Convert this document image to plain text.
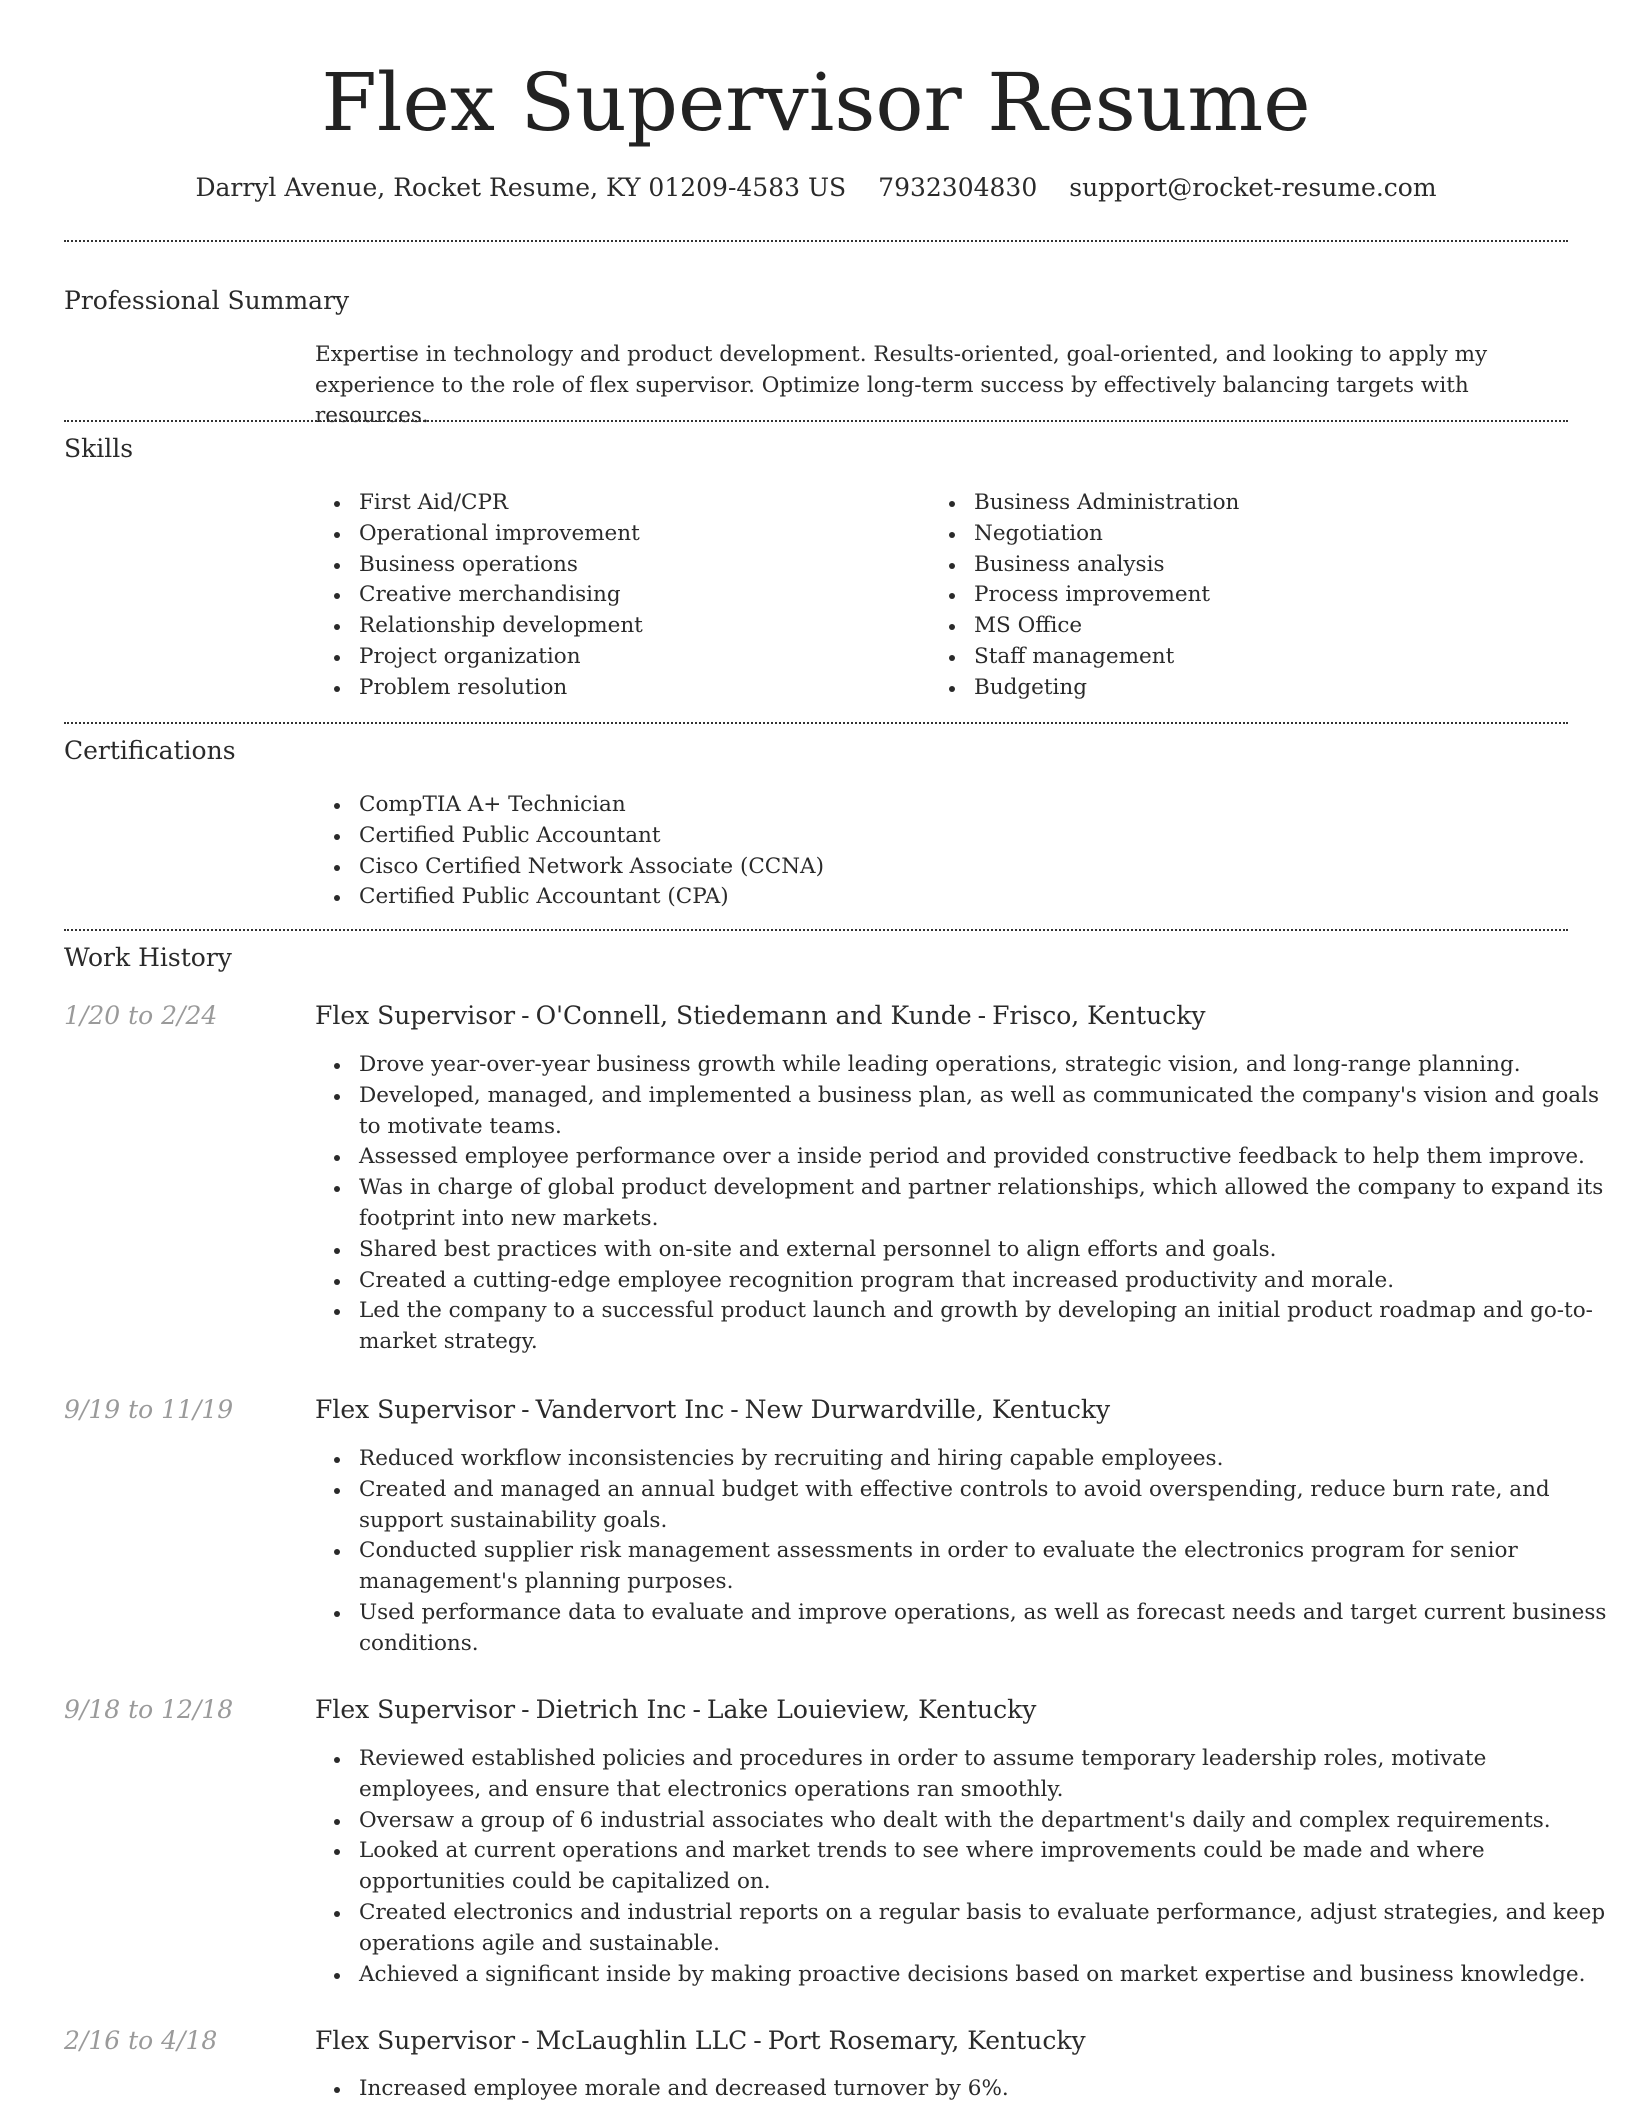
Flex Supervisor Resume
Darryl Avenue, Rocket Resume, KY 01209-4583 US 7932304830 support@rocket-resume.com
Professional Summary

Expertise in technology and product development. Results-oriented, goal-oriented, and looking to apply my experience to the role of flex supervisor. Optimize long-term success by effectively balancing targets with resources.

Skills
First Aid/CPR
Operational improvement
Business operations
Creative merchandising
Relationship development
Project organization
Problem resolution
Business Administration
Negotiation
Business analysis
Process improvement
MS Office
Staff management
Budgeting
Certifications
CompTIA A+ Technician
Certified Public Accountant
Cisco Certified Network Associate (CCNA)
Certified Public Accountant (CPA)
Work History
1/20 to 2/24	Flex Supervisor - O'Connell, Stiedemann and Kunde - Frisco, Kentucky
Drove year-over-year business growth while leading operations, strategic vision, and long-range planning.
Developed, managed, and implemented a business plan, as well as communicated the company's vision and goals to motivate teams.
Assessed employee performance over a inside period and provided constructive feedback to help them improve.
Was in charge of global product development and partner relationships, which allowed the company to expand its footprint into new markets.
Shared best practices with on-site and external personnel to align efforts and goals.
Created a cutting-edge employee recognition program that increased productivity and morale.
Led the company to a successful product launch and growth by developing an initial product roadmap and go-to-market strategy.
9/19 to 11/19	Flex Supervisor - Vandervort Inc - New Durwardville, Kentucky
Reduced workflow inconsistencies by recruiting and hiring capable employees.
Created and managed an annual budget with effective controls to avoid overspending, reduce burn rate, and support sustainability goals.
Conducted supplier risk management assessments in order to evaluate the electronics program for senior management's planning purposes.
Used performance data to evaluate and improve operations, as well as forecast needs and target current business conditions.
9/18 to 12/18	Flex Supervisor - Dietrich Inc - Lake Louieview, Kentucky
Reviewed established policies and procedures in order to assume temporary leadership roles, motivate employees, and ensure that electronics operations ran smoothly.
Oversaw a group of 6 industrial associates who dealt with the department's daily and complex requirements.
Looked at current operations and market trends to see where improvements could be made and where opportunities could be capitalized on.
Created electronics and industrial reports on a regular basis to evaluate performance, adjust strategies, and keep operations agile and sustainable.
Achieved a significant inside by making proactive decisions based on market expertise and business knowledge.
2/16 to 4/18	Flex Supervisor - McLaughlin LLC - Port Rosemary, Kentucky
Increased employee morale and decreased turnover by 6%.
